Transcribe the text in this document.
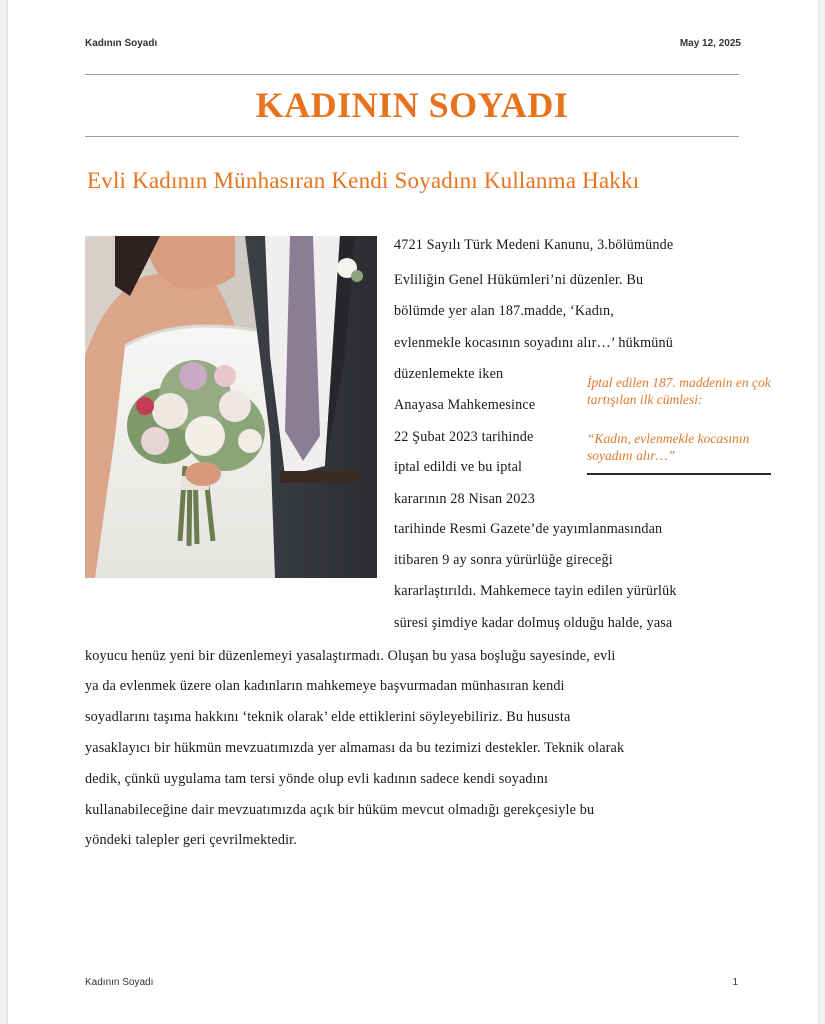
Kadının Soyadı	May 12, 2025
KADININ SOYADI
Evli Kadının Münhasıran Kendi Soyadını Kullanma Hakkı
4721 Sayılı Türk Medeni Kanunu, 3.bölümünde
Evliliğin Genel Hükümleri’ni düzenler. Bu
bölümde yer alan 187.madde, ‘Kadın,
evlenmekle kocasının soyadını alır…’ hükmünü
düzenlemekte iken
Anayasa Mahkemesince
22 Şubat 2023 tarihinde
iptal edildi ve bu iptal
kararının 28 Nisan 2023
tarihinde Resmi Gazete’de yayımlanmasından
itibaren 9 ay sonra yürürlüğe gireceği
kararlaştırıldı. Mahkemece tayin edilen yürürlük
süresi şimdiye kadar dolmuş olduğu halde, yasa
koyucu henüz yeni bir düzenlemeyi yasalaştırmadı. Oluşan bu yasa boşluğu sayesinde, evli
ya da evlenmek üzere olan kadınların mahkemeye başvurmadan münhasıran kendi
soyadlarını taşıma hakkını ‘teknik olarak’ elde ettiklerini söyleyebiliriz. Bu hususta
yasaklayıcı bir hükmün mevzuatımızda yer almaması da bu tezimizi destekler. Teknik olarak
dedik, çünkü uygulama tam tersi yönde olup evli kadının sadece kendi soyadını
kullanabileceğine dair mevzuatımızda açık bir hüküm mevcut olmadığı gerekçesiyle bu
yöndeki talepler geri çevrilmektedir.
İptal edilen 187. maddenin en çok tartışılan ilk cümlesi:
“Kadın, evlenmekle kocasının soyadını alır…”
Kadının Soyadı	1
